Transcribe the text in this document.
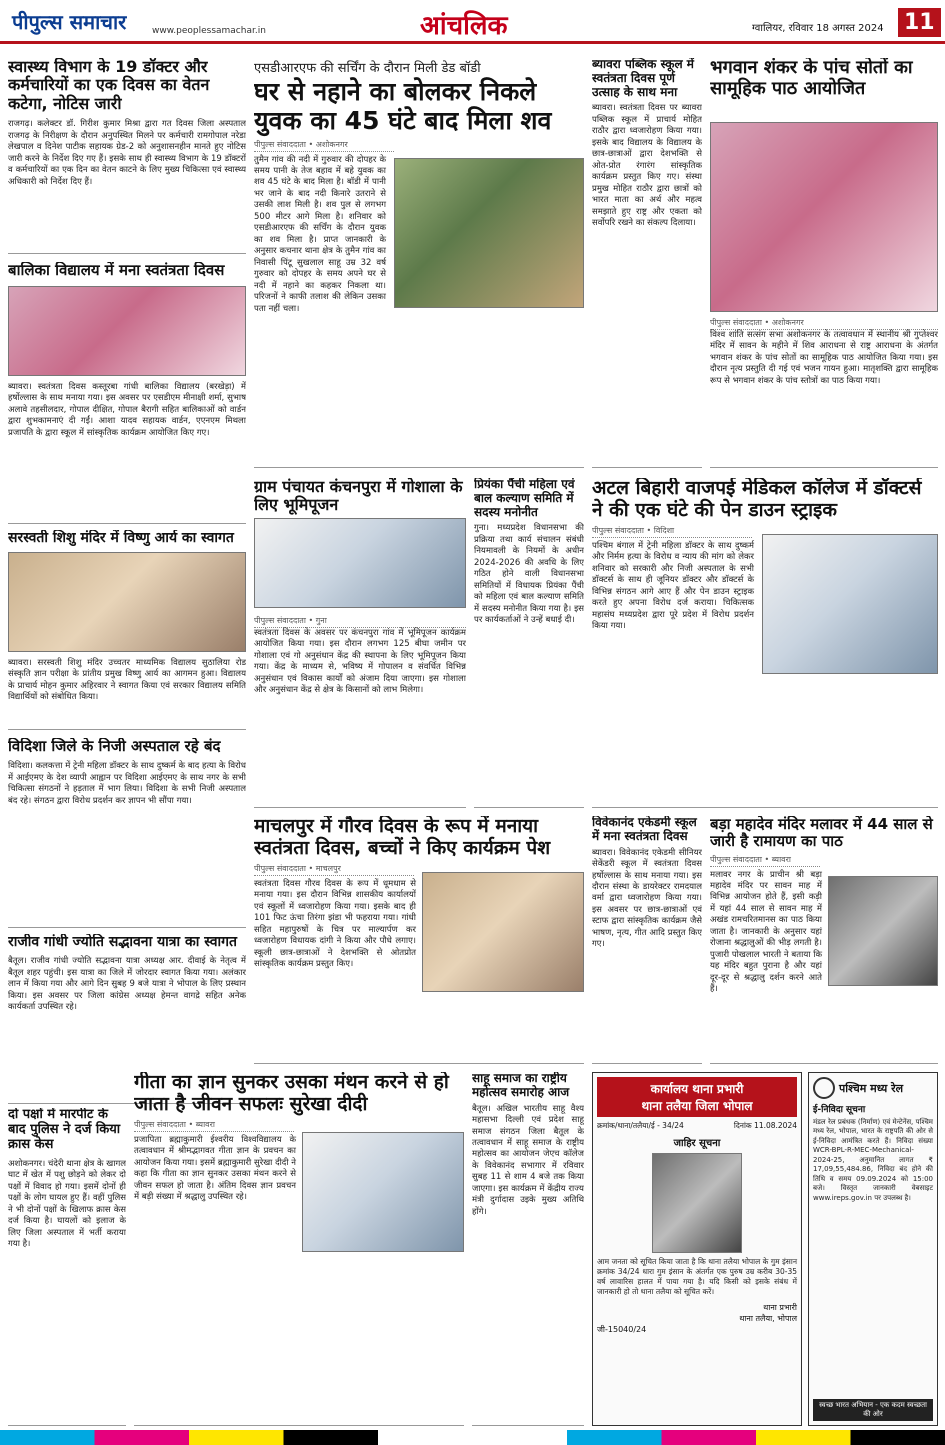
पीपुल्स समाचार	www.peoplessamachar.in	आंचलिक	ग्वालियर, रविवार 18 अगस्त 2024 11
स्वास्थ्य विभाग के 19 डॉक्टर और कर्मचारियों का एक दिवस का वेतन कटेगा, नोटिस जारी
राजगढ़। कलेक्टर डॉ. गिरीश कुमार मिश्रा द्वारा गत दिवस जिला अस्पताल राजगढ़ के निरीक्षण के दौरान अनुपस्थित मिलने पर कर्मचारी रामगोपाल नरेडा लेखपाल व दिनेश पाटीक सहायक ग्रेड-2 को अनुशासनहीन मानते हुए नोटिस जारी करने के निर्देश दिए गए हैं। इसके साथ ही स्वास्थ्य विभाग के 19 डॉक्टरों व कर्मचारियों का एक दिन का वेतन काटने के लिए मुख्य चिकित्सा एवं स्वास्थ्य अधिकारी को निर्देश दिए हैं।
बालिका विद्यालय में मना स्वतंत्रता दिवस
ब्यावरा। स्वतंत्रता दिवस कस्तूरबा गांधी बालिका विद्यालय (बरखेड़ा) में हर्षोल्लास के साथ मनाया गया। इस अवसर पर एसडीएम मीनाक्षी शर्मा, सुभाष अलावे तहसीलदार, गोपाल दीक्षित, गोपाल बैरागी सहित बालिकाओं को वार्डन द्वारा शुभकामनाएं दी गईं। आशा यादव सहायक वार्डन, एएनएम मिथला प्रजापति के द्वारा स्कूल में सांस्कृतिक कार्यक्रम आयोजित किए गए।
सरस्वती शिशु मंदिर में विष्णु आर्य का स्वागत
ब्यावरा। सरस्वती शिशु मंदिर उच्चतर माध्यमिक विद्यालय सुठालिया रोड संस्कृति ज्ञान परीक्षा के प्रांतीय प्रमुख विष्णु आर्य का आगमन हुआ। विद्यालय के प्राचार्य मोहन कुमार अहिरवार ने स्वागत किया एवं सरकार विद्यालय समिति विद्यार्थियों को संबोधित किया।
विदिशा जिले के निजी अस्पताल रहे बंद
विदिशा। कलकत्ता में ट्रेनी महिला डॉक्टर के साथ दुष्कर्म के बाद हत्या के विरोध में आईएमए के देश व्यापी आह्वान पर विदिशा आईएमए के साथ नगर के सभी चिकित्सा संगठनों ने हड़ताल में भाग लिया। विदिशा के सभी निजी अस्पताल बंद रहे। संगठन द्वारा विरोध प्रदर्शन कर ज्ञापन भी सौंपा गया।
राजीव गांधी ज्योति सद्भावना यात्रा का स्वागत
बैतूल। राजीव गांधी ज्योति सद्भावना यात्रा अध्यक्ष आर. दीवाई के नेतृत्व में बैतूल शहर पहुंची। इस यात्रा का जिले में जोरदार स्वागत किया गया। अलंकार लान में किया गया और आगे दिन सुबह 9 बजे यात्रा ने भोपाल के लिए प्रस्थान किया। इस अवसर पर जिला कांग्रेस अध्यक्ष हेमन्त वागद्रे सहित अनेक कार्यकर्ता उपस्थित रहे।
दो पक्षों में मारपीट के बाद पुलिस ने दर्ज किया क्रास केस
अशोकनगर। चंदेरी थाना क्षेत्र के खागल घाट में खेत में पशु छोड़ने को लेकर दो पक्षों में विवाद हो गया। इसमें दोनों ही पक्षों के लोग घायल हुए हैं। वहीं पुलिस ने भी दोनों पक्षों के खिलाफ क्रास केस दर्ज किया है। घायलों को इलाज के लिए जिला अस्पताल में भर्ती कराया गया है।
एसडीआरएफ की सर्चिंग के दौरान मिली डेड बॉडी
घर से नहाने का बोलकर निकले युवक का 45 घंटे बाद मिला शव
पीपुल्स संवाददाता • अशोकनगर
तुमैन गांव की नदी में गुरुवार की दोपहर के समय पानी के तेज बहाव में बहे युवक का शव 45 घंटे के बाद मिला है। बॉडी में पानी भर जाने के बाद नदी किनारे उतराने से उसकी लाश मिली है। शव पुल से लगभग 500 मीटर आगे मिला है। शनिवार को एसडीआरएफ की सर्चिंग के दौरान युवक का शव मिला है। प्राप्त जानकारी के अनुसार कचनार थाना क्षेत्र के तुमैन गांव का निवासी पिंटू सुखलाल साहू उम्र 32 वर्ष गुरुवार को दोपहर के समय अपने घर से नदी में नहाने का कहकर निकला था। परिजनों ने काफी तलाश की लेकिन उसका पता नहीं चला।
ब्यावरा पब्लिक स्कूल में स्वतंत्रता दिवस पूर्ण उत्साह के साथ मना
ब्यावरा। स्वतंत्रता दिवस पर ब्यावरा पब्लिक स्कूल में प्राचार्य मोहित राठौर द्वारा ध्वजारोहण किया गया। इसके बाद विद्यालय के विद्यालय के छात्र-छात्राओं द्वारा देशभक्ति से ओत-प्रोत रंगारंग सांस्कृतिक कार्यक्रम प्रस्तुत किए गए। संस्था प्रमुख मोहित राठौर द्वारा छात्रों को भारत माता का अर्थ और महत्व समझाते हुए राष्ट्र और एकता को सर्वोपरि रखने का संकल्प दिलाया।
भगवान शंकर के पांच सोतों का सामूहिक पाठ आयोजित
पीपुल्स संवाददाता • अशोकनगर
विश्व शांति सत्संग सभा अशोकनगर के तत्वावधान में स्थानीय श्री गुप्तेश्वर मंदिर में सावन के महीने में शिव आराधना से राष्ट्र आराधना के अंतर्गत भगवान शंकर के पांच सोतों का सामूहिक पाठ आयोजित किया गया। इस दौरान नृत्य प्रस्तुति दी गई एवं भजन गायन हुआ। मातृशक्ति द्वारा सामूहिक रूप से भगवान शंकर के पांच स्तोत्रों का पाठ किया गया।
ग्राम पंचायत कंचनपुरा में गोशाला के लिए भूमिपूजन
पीपुल्स संवाददाता • गुना
स्वतंत्रता दिवस के अवसर पर कंचनपुरा गांव में भूमिपूजन कार्यक्रम आयोजित किया गया। इस दौरान लगभग 125 बीघा जमीन पर गोशाला एवं गो अनुसंधान केंद्र की स्थापना के लिए भूमिपूजन किया गया। केंद्र के माध्यम से, भविष्य में गोपालन व संवर्धित विभिन्न अनुसंधान एवं विकास कार्यों को अंजाम दिया जाएगा। इस गोशाला और अनुसंधान केंद्र से क्षेत्र के किसानों को लाभ मिलेगा।
प्रियंका पैंची महिला एवं बाल कल्याण समिति में सदस्य मनोनीत
गुना। मध्यप्रदेश विधानसभा की प्रक्रिया तथा कार्य संचालन संबंधी नियमावली के नियमों के अधीन 2024-2026 की अवधि के लिए गठित होने वाली विधानसभा समितियों में विधायक प्रियंका पैंची को महिला एवं बाल कल्याण समिति में सदस्य मनोनीत किया गया है। इस पर कार्यकर्ताओं ने उन्हें बधाई दी।
अटल बिहारी वाजपई मेडिकल कॉलेज में डॉक्टर्स ने की एक घंटे की पेन डाउन स्ट्राइक
पीपुल्स संवाददाता • विदिशा
पश्चिम बंगाल में ट्रेनी महिला डॉक्टर के साथ दुष्कर्म और निर्मम हत्या के विरोध व न्याय की मांग को लेकर शनिवार को सरकारी और निजी अस्पताल के सभी डॉक्टर्स के साथ ही जूनियर डॉक्टर और डॉक्टर्स के विभिन्न संगठन आगे आए हैं और पेन डाउन स्ट्राइक करते हुए अपना विरोध दर्ज कराया। चिकित्सक महासंघ मध्यप्रदेश द्वारा पूरे प्रदेश में विरोध प्रदर्शन किया गया।
माचलपुर में गौरव दिवस के रूप में मनाया स्वतंत्रता दिवस, बच्चों ने किए कार्यक्रम पेश
पीपुल्स संवाददाता • माचलपुर
स्वतंत्रता दिवस गौरव दिवस के रूप में धूमधाम से मनाया गया। इस दौरान विभिन्न शासकीय कार्यालयों एवं स्कूलों में ध्वजारोहण किया गया। इसके बाद ही 101 फिट ऊंचा तिरंगा झंडा भी फहराया गया। गांधी सहित महापुरुषों के चित्र पर माल्यार्पण कर ध्वजारोहण विधायक दांगी ने किया और पौधे लगाए। स्कूली छात्र-छात्राओं ने देशभक्ति से ओतप्रोत सांस्कृतिक कार्यक्रम प्रस्तुत किए।
विवेकानंद एकेडमी स्कूल में मना स्वतंत्रता दिवस
ब्यावरा। विवेकानंद एकेडमी सीनियर सेकेंडरी स्कूल में स्वतंत्रता दिवस हर्षोल्लास के साथ मनाया गया। इस दौरान संस्था के डायरेक्टर रामदयाल वर्मा द्वारा ध्वजारोहण किया गया। इस अवसर पर छात्र-छात्राओं एवं स्टाफ द्वारा सांस्कृतिक कार्यक्रम जैसे भाषण, नृत्य, गीत आदि प्रस्तुत किए गए।
बड़ा महादेव मंदिर मलावर में 44 साल से जारी है रामायण का पाठ
पीपुल्स संवाददाता • ब्यावरा
मलावर नगर के प्राचीन श्री बड़ा महादेव मंदिर पर सावन माह में विभिन्न आयोजन होते हैं, इसी कड़ी में यहां 44 साल से सावन माह में अखंड रामचरितमानस का पाठ किया जाता है। जानकारी के अनुसार यहां रोजाना श्रद्धालुओं की भीड़ लगती है। पुजारी पोखलाल भारती ने बताया कि यह मंदिर बहुत पुराना है और यहां दूर-दूर से श्रद्धालु दर्शन करने आते हैं।
गीता का ज्ञान सुनकर उसका मंथन करने से हो जाता है जीवन सफलः सुरेखा दीदी
पीपुल्स संवाददाता • ब्यावरा
प्रजापिता ब्रह्माकुमारी ईश्वरीय विश्वविद्यालय के तत्वावधान में श्रीमद्भागवत गीता ज्ञान के प्रवचन का आयोजन किया गया। इसमें ब्रह्माकुमारी सुरेखा दीदी ने कहा कि गीता का ज्ञान सुनकर उसका मंथन करने से जीवन सफल हो जाता है। अंतिम दिवस ज्ञान प्रवचन में बड़ी संख्या में श्रद्धालु उपस्थित रहे।
साहू समाज का राष्ट्रीय महोत्सव समारोह आज
बैतूल। अखिल भारतीय साहू वैश्य महासभा दिल्ली एवं प्रदेश साहू समाज संगठन जिला बैतूल के तत्वावधान में साहू समाज के राष्ट्रीय महोत्सव का आयोजन जेएच कॉलेज के विवेकानंद सभागार में रविवार सुबह 11 से शाम 4 बजे तक किया जाएगा। इस कार्यक्रम में केंद्रीय राज्य मंत्री दुर्गादास उइके मुख्य अतिथि होंगे।
कार्यालय थाना प्रभारी
थाना तलैया जिला भोपाल
क्रमांक/थाना/तलैया/ई - 34/24	दिनांक 11.08.2024
जाहिर सूचना
आम जनता को सूचित किया जाता है कि थाना तलैया भोपाल के गुम इंसान क्रमांक 34/24 धारा गुम इंसान के अंतर्गत एक पुरुष उम्र करीब 30-35 वर्ष लावारिस हालत में पाया गया है। यदि किसी को इसके संबंध में जानकारी हो तो थाना तलैया को सूचित करें।
थाना प्रभारी
थाना तलैया, भोपाल
जी-15040/24
पश्चिम मध्य रेल
ई-निविदा सूचना
मंडल रेल प्रबंधक (निर्माण) एवं मेन्टेनेंस, पश्चिम मध्य रेल, भोपाल, भारत के राष्ट्रपति की ओर से ई-निविदा आमंत्रित करते हैं। निविदा संख्या WCR-BPL-R-MEC-Mechanical-2024-25, अनुमानित लागत ₹ 17,09,55,484.86, निविदा बंद होने की तिथि व समय 09.09.2024 को 15:00 बजे। विस्तृत जानकारी वेबसाइट www.ireps.gov.in पर उपलब्ध है।
स्वच्छ भारत अभियान - एक कदम स्वच्छता की ओर
